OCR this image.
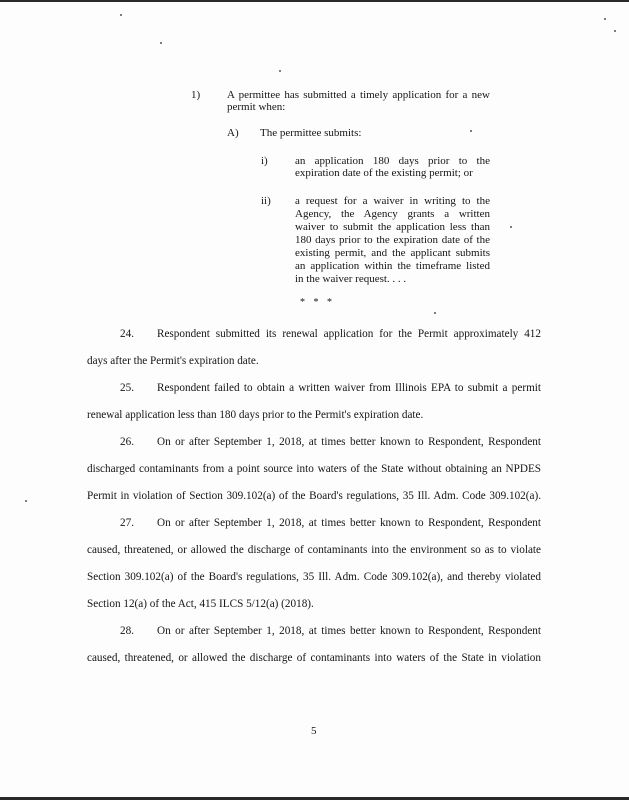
1) A permittee has submitted a timely application for a new
permit when:
A) The permittee submits:
i) an application 180 days prior to the
expiration date of the existing permit; or
ii) a request for a waiver in writing to the
Agency, the Agency grants a written
waiver to submit the application less than
180 days prior to the expiration date of the
existing permit, and the applicant submits
an application within the timeframe listed
in the waiver request. . . .
* * *
24. Respondent submitted its renewal application for the Permit approximately 412
days after the Permit's expiration date.
25. Respondent failed to obtain a written waiver from Illinois EPA to submit a permit
renewal application less than 180 days prior to the Permit's expiration date.
26. On or after September 1, 2018, at times better known to Respondent, Respondent
discharged contaminants from a point source into waters of the State without obtaining an NPDES
Permit in violation of Section 309.102(a) of the Board's regulations, 35 Ill. Adm. Code 309.102(a).
27. On or after September 1, 2018, at times better known to Respondent, Respondent
caused, threatened, or allowed the discharge of contaminants into the environment so as to violate
Section 309.102(a) of the Board's regulations, 35 Ill. Adm. Code 309.102(a), and thereby violated
Section 12(a) of the Act, 415 ILCS 5/12(a) (2018).
28. On or after September 1, 2018, at times better known to Respondent, Respondent
caused, threatened, or allowed the discharge of contaminants into waters of the State in violation
5
